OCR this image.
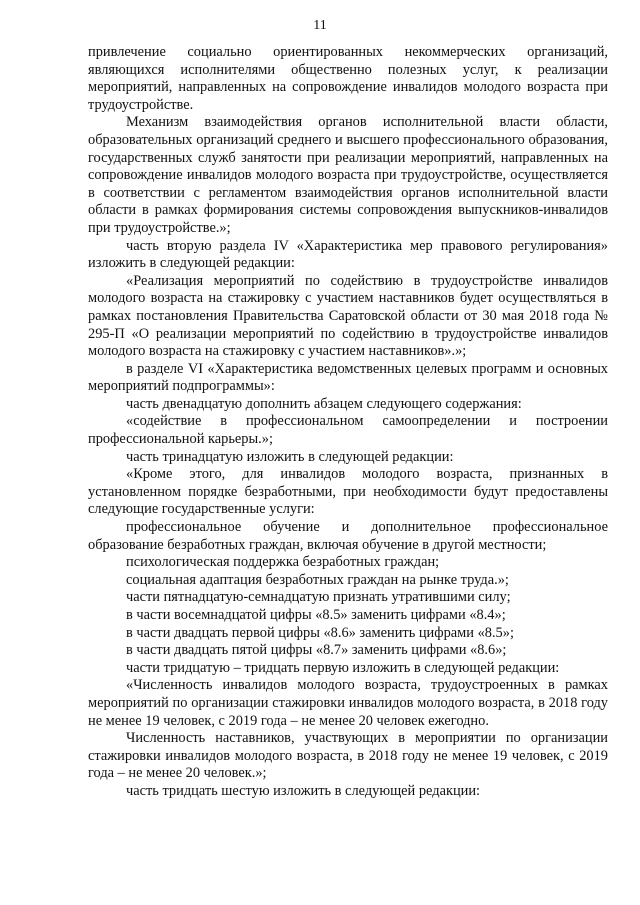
11

привлечение социально ориентированных некоммерческих организаций, являющихся исполнителями общественно полезных услуг, к реализации мероприятий, направленных на сопровождение инвалидов молодого возраста при трудоустройстве.

Механизм взаимодействия органов исполнительной власти области, образовательных организаций среднего и высшего профессионального образования, государственных служб занятости при реализации мероприятий, направленных на сопровождение инвалидов молодого возраста при трудоустройстве, осуществляется в соответствии с регламентом взаимодействия органов исполнительной власти области в рамках формирования системы сопровождения выпускников-инвалидов при трудоустройстве.»;

часть вторую раздела IV «Характеристика мер правового регулирования» изложить в следующей редакции:

«Реализация мероприятий по содействию в трудоустройстве инвалидов молодого возраста на стажировку с участием наставников будет осуществляться в рамках постановления Правительства Саратовской области от 30 мая 2018 года № 295-П «О реализации мероприятий по содействию в трудоустройстве инвалидов молодого возраста на стажировку с участием наставников».»;

в разделе VI «Характеристика ведомственных целевых программ и основных мероприятий подпрограммы»:

часть двенадцатую дополнить абзацем следующего содержания:

«содействие в профессиональном самоопределении и построении профессиональной карьеры.»;

часть тринадцатую изложить в следующей редакции:

«Кроме этого, для инвалидов молодого возраста, признанных в установленном порядке безработными, при необходимости будут предоставлены следующие государственные услуги:

профессиональное обучение и дополнительное профессиональное образование безработных граждан, включая обучение в другой местности;

психологическая поддержка безработных граждан;

социальная адаптация безработных граждан на рынке труда.»;

части пятнадцатую-семнадцатую признать утратившими силу;

в части восемнадцатой цифры «8.5» заменить цифрами «8.4»;

в части двадцать первой цифры «8.6» заменить цифрами «8.5»;

в части двадцать пятой цифры «8.7» заменить цифрами «8.6»;

части тридцатую – тридцать первую изложить в следующей редакции:

«Численность инвалидов молодого возраста, трудоустроенных в рамках мероприятий по организации стажировки инвалидов молодого возраста, в 2018 году не менее 19 человек, с 2019 года – не менее 20 человек ежегодно.

Численность наставников, участвующих в мероприятии по организации стажировки инвалидов молодого возраста, в 2018 году не менее 19 человек, с 2019 года – не менее 20 человек.»;

часть тридцать шестую изложить в следующей редакции:
